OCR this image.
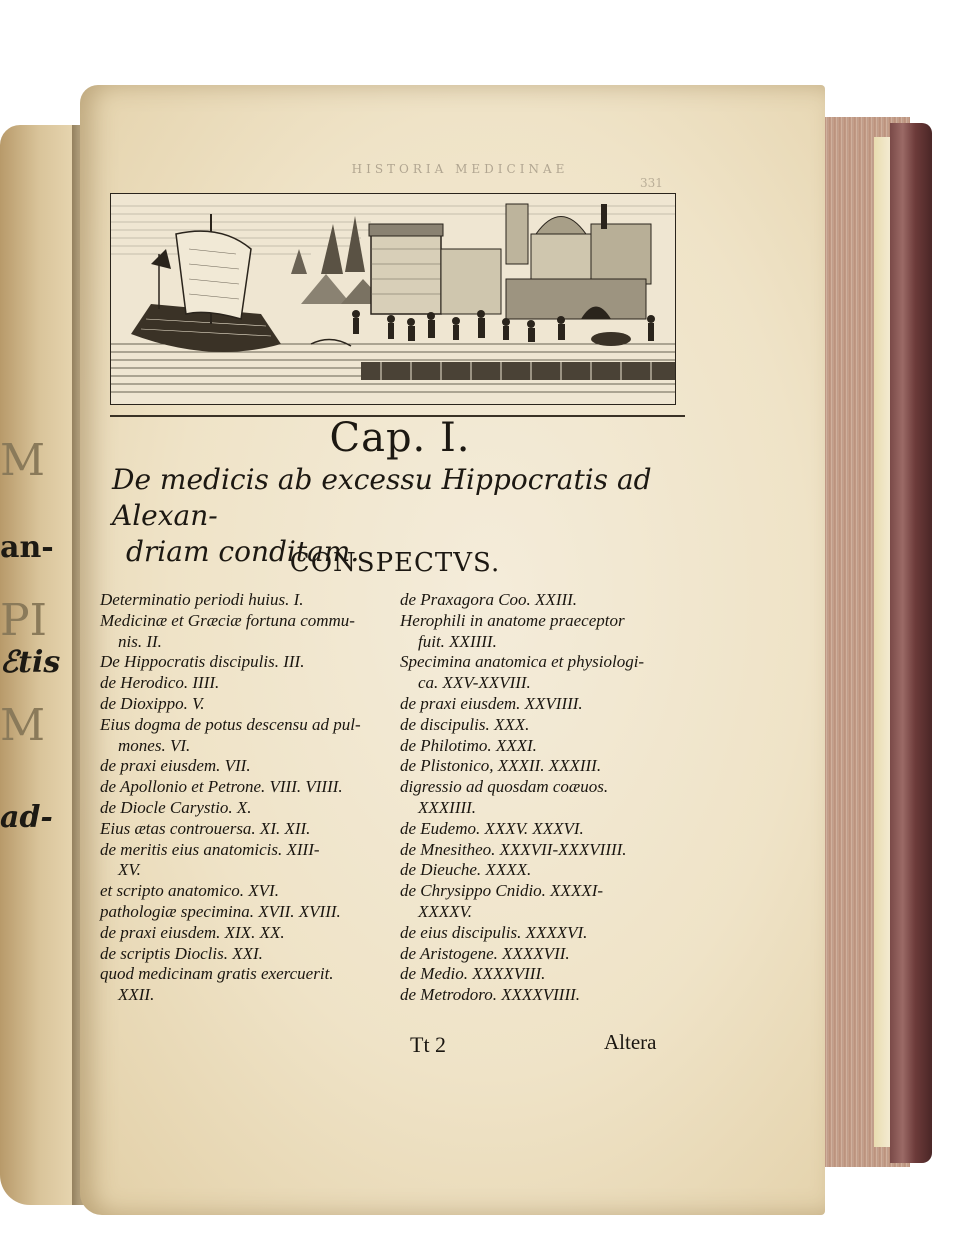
M
an-
PI
ℰtis
M
ad-
HISTORIA MEDICINAE
331
Cap. I.
De medicis ab excessu Hippocratis ad Alexan-
driam conditam.
CONSPECTVS.
Determinatio periodi huius. I.
Medicinæ et Græciæ fortuna commu-

nis. II.
De Hippocratis discipulis. III.
de Herodico. IIII.
de Dioxippo. V.
Eius dogma de potus descensu ad pul-

mones. VI.
de praxi eiusdem. VII.
de Apollonio et Petrone. VIII. VIIII.
de Diocle Carystio. X.
Eius ætas controuersa. XI. XII.
de meritis eius anatomicis. XIII-

XV.
et scripto anatomico. XVI.
pathologiæ specimina. XVII. XVIII.
de praxi eiusdem. XIX. XX.
de scriptis Dioclis. XXI.
quod medicinam gratis exercuerit.

XXII.
de Praxagora Coo. XXIII.
Herophili in anatome praeceptor

fuit. XXIIII.
Specimina anatomica et physiologi-

ca. XXV-XXVIII.
de praxi eiusdem. XXVIIII.
de discipulis. XXX.
de Philotimo. XXXI.
de Plistonico, XXXII. XXXIII.
digressio ad quosdam coæuos.

XXXIIII.
de Eudemo. XXXV. XXXVI.
de Mnesitheo. XXXVII-XXXVIIII.
de Dieuche. XXXX.
de Chrysippo Cnidio. XXXXI-

XXXXV.
de eius discipulis. XXXXVI.
de Aristogene. XXXXVII.
de Medio. XXXXVIII.
de Metrodoro. XXXXVIIII.
Tt 2	Altera
